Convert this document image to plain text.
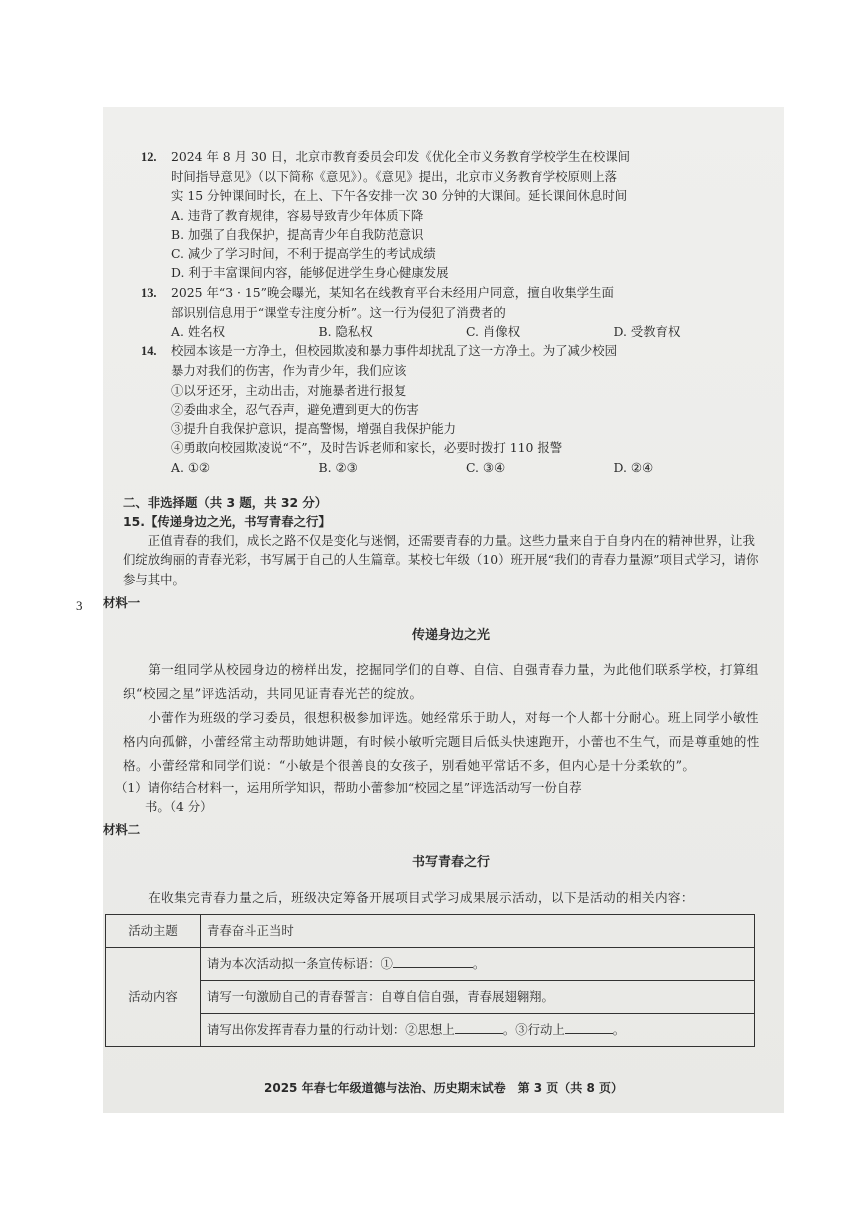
3

12. 2024 年 8 月 30 日，北京市教育委员会印发《优化全市义务教育学校学生在校课间

时间指导意见》（以下简称《意见》）。《意见》提出，北京市义务教育学校原则上落

实 15 分钟课间时长，在上、下午各安排一次 30 分钟的大课间。延长课间休息时间

A. 违背了教育规律，容易导致青少年体质下降

B. 加强了自我保护，提高青少年自我防范意识

C. 减少了学习时间，不利于提高学生的考试成绩

D. 利于丰富课间内容，能够促进学生身心健康发展

13. 2025 年“3 · 15”晚会曝光，某知名在线教育平台未经用户同意，擅自收集学生面

部识别信息用于“课堂专注度分析”。这一行为侵犯了消费者的

A. 姓名权	B. 隐私权	C. 肖像权	D. 受教育权

14. 校园本该是一方净土，但校园欺凌和暴力事件却扰乱了这一方净土。为了减少校园

暴力对我们的伤害，作为青少年，我们应该

①以牙还牙，主动出击，对施暴者进行报复

②委曲求全，忍气吞声，避免遭到更大的伤害

③提升自我保护意识，提高警惕，增强自我保护能力

④勇敢向校园欺凌说“不”，及时告诉老师和家长，必要时拨打 110 报警

A. ①②	B. ②③	C. ③④	D. ②④

二、非选择题（共 3 题，共 32 分）

15.【传递身边之光，书写青春之行】

正值青春的我们，成长之路不仅是变化与迷惘，还需要青春的力量。这些力量来自于自身内在的精神世界，让我们绽放绚丽的青春光彩，书写属于自己的人生篇章。某校七年级（10）班开展“我们的青春力量源”项目式学习，请你参与其中。

材料一

传递身边之光

第一组同学从校园身边的榜样出发，挖掘同学们的自尊、自信、自强青春力量，为此他们联系学校，打算组织“校园之星”评选活动，共同见证青春光芒的绽放。

小蕾作为班级的学习委员，很想积极参加评选。她经常乐于助人，对每一个人都十分耐心。班上同学小敏性格内向孤僻，小蕾经常主动帮助她讲题，有时候小敏听完题目后低头快速跑开，小蕾也不生气，而是尊重她的性格。小蕾经常和同学们说：“小敏是个很善良的女孩子，别看她平常话不多，但内心是十分柔软的”。

（1）请你结合材料一，运用所学知识，帮助小蕾参加“校园之星”评选活动写一份自荐

书。（4 分）

材料二

书写青春之行

在收集完青春力量之后，班级决定筹备开展项目式学习成果展示活动，以下是活动的相关内容：

活动主题	青春奋斗正当时
活动内容	请为本次活动拟一条宣传标语：① 。
	请写一句激励自己的青春誓言：自尊自信自强，青春展翅翱翔。
	请写出你发挥青春力量的行动计划：②思想上 。③行动上 。
2025 年春七年级道德与法治、历史期末试卷　第 3 页（共 8 页）
